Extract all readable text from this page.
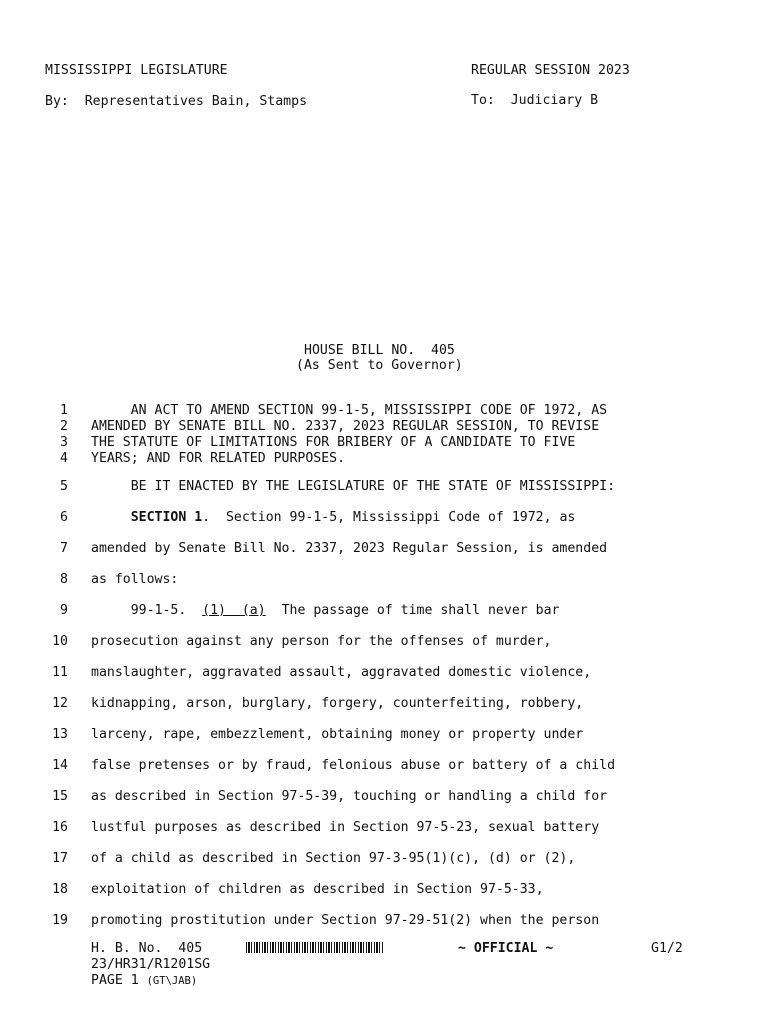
MISSISSIPPI LEGISLATURE	REGULAR SESSION 2023
By:  Representatives Bain, Stamps	To:  Judiciary B
HOUSE BILL NO.  405
(As Sent to Governor)
1 AN ACT TO AMEND SECTION 99-1-5, MISSISSIPPI CODE OF 1972, AS
2 AMENDED BY SENATE BILL NO. 2337, 2023 REGULAR SESSION, TO REVISE
3 THE STATUTE OF LIMITATIONS FOR BRIBERY OF A CANDIDATE TO FIVE
4 YEARS; AND FOR RELATED PURPOSES.
5 BE IT ENACTED BY THE LEGISLATURE OF THE STATE OF MISSISSIPPI:
6	SECTION 1.  Section 99-1-5, Mississippi Code of 1972, as
7 amended by Senate Bill No. 2337, 2023 Regular Session, is amended
8 as follows:
9 99-1-5.  (1)  (a)  The passage of time shall never bar
10 prosecution against any person for the offenses of murder,
11 manslaughter, aggravated assault, aggravated domestic violence,
12 kidnapping, arson, burglary, forgery, counterfeiting, robbery,
13 larceny, rape, embezzlement, obtaining money or property under
14 false pretenses or by fraud, felonious abuse or battery of a child
15 as described in Section 97-5-39, touching or handling a child for
16 lustful purposes as described in Section 97-5-23, sexual battery
17 of a child as described in Section 97-3-95(1)(c), (d) or (2),
18 exploitation of children as described in Section 97-5-33,
19 promoting prostitution under Section 97-29-51(2) when the person
H. B. No.  405	~ OFFICIAL ~	G1/2
23/HR31/R1201SG
PAGE 1 (GT\JAB)
